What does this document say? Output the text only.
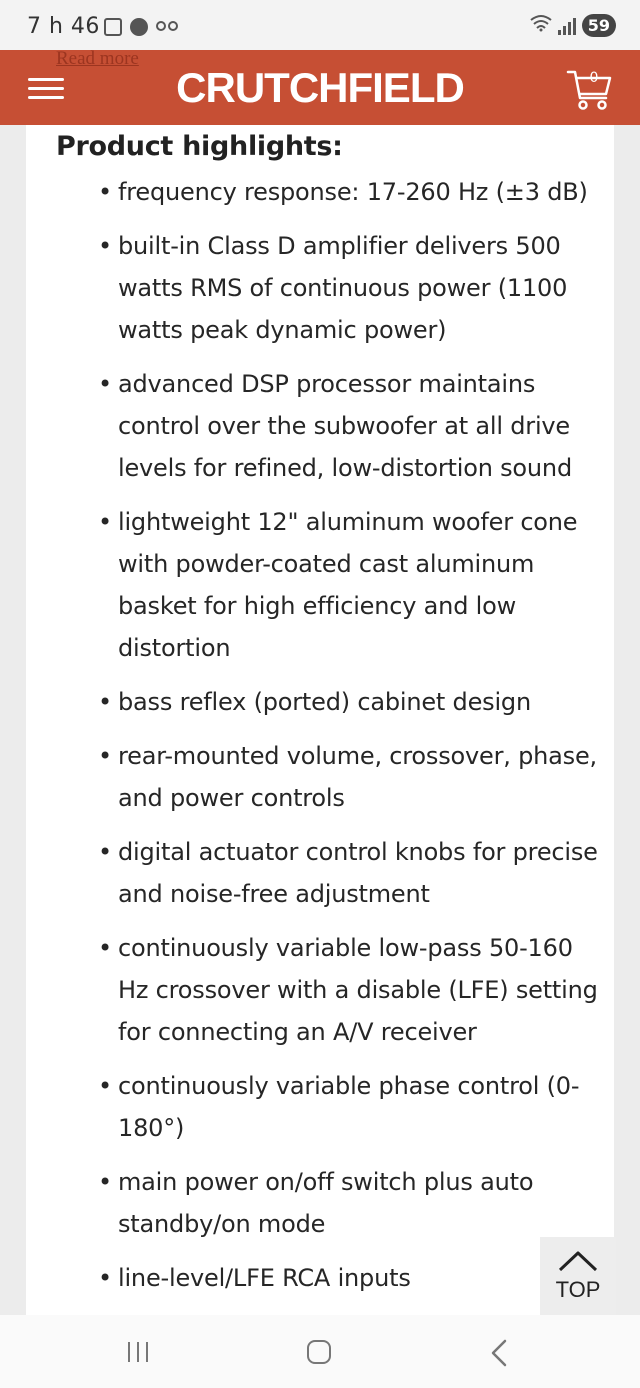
7 h 46	59
Read more
CRUTCHFIELD	0
Product highlights:
• frequency response: 17-260 Hz (±3 dB)
• built-in Class D amplifier delivers 500 watts RMS of continuous power (1100 watts peak dynamic power)
• advanced DSP processor maintains control over the subwoofer at all drive levels for refined, low-distortion sound
• lightweight 12" aluminum woofer cone with powder-coated cast aluminum basket for high efficiency and low distortion
• bass reflex (ported) cabinet design
• rear-mounted volume, crossover, phase, and power controls
• digital actuator control knobs for precise and noise-free adjustment
• continuously variable low-pass 50-160 Hz crossover with a disable (LFE) setting for connecting an A/V receiver
• continuously variable phase control (0-180°)
• main power on/off switch plus auto standby/on mode
• line-level/LFE RCA inputs	TOP
